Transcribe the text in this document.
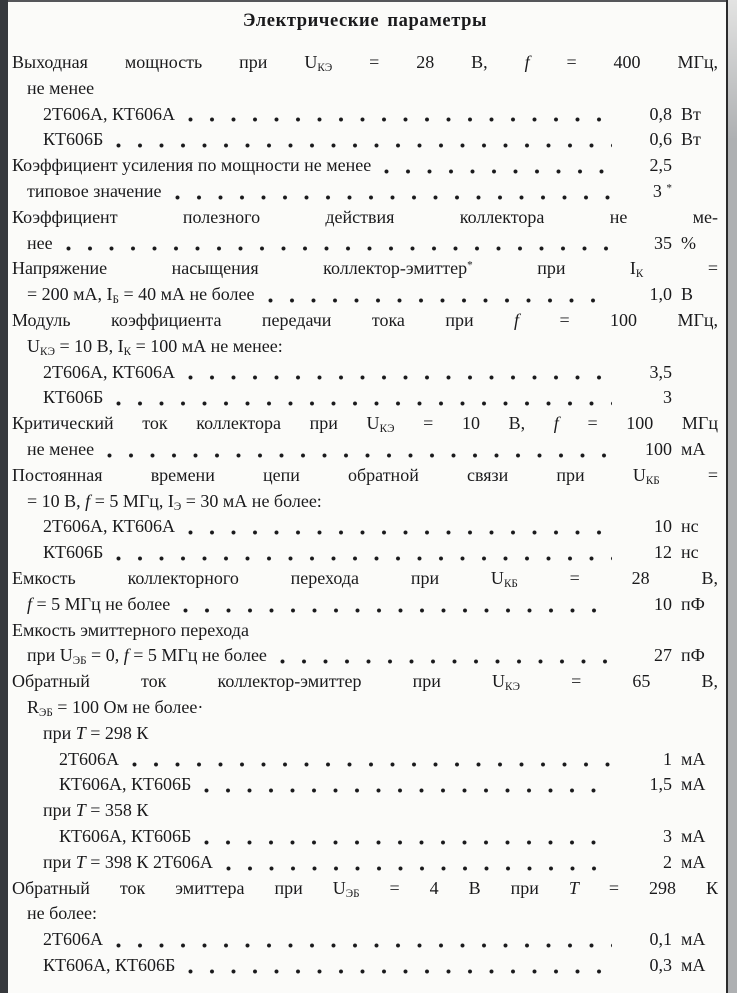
Электрические параметры
Выходная мощность при $U_{КЭ} = 28$ В, f = 400 МГц,
не менее
2Т606А, КТ606А	0,8 Вт
КТ606Б	0,6 Вт
Коэффициент усиления по мощности не менее	2,5
типовое значение	3 *
Коэффициент полезного действия коллектора не ме-
нее	35 %
Напряжение насыщения коллектор-эмиттер* при $I_К$ =
= 200 мА, $I_Б = 40$ мА не более	1,0 В
Модуль коэффициента передачи тока при f = 100 МГц,
$U_{КЭ} = 10$ В, $I_К = 100$ мА не менее:
2Т606А, КТ606А	3,5
КТ606Б	3
Критический ток коллектора при $U_{КЭ} = 10$ В, f = 100 МГц
не менее	100 мА
Постоянная времени цепи обратной связи при $U_{КБ}$ =
= 10 В, f = 5 МГц, $I_Э = 30$ мА не более:
2Т606А, КТ606А	10 нс
КТ606Б	12 нс
Емкость коллекторного перехода при $U_{КБ} = 28$ В,
f = 5 МГц не более	10 пФ
Емкость эмиттерного перехода
при $U_{ЭБ} = 0$, f = 5 МГц не более	27 пФ
Обратный ток коллектор-эмиттер при $U_{КЭ} = 65$ В,
$R_{ЭБ} = 100$ Ом не более·
при T = 298 К
2Т606А	1 мА
КТ606А, КТ606Б	1,5 мА
при T = 358 К
КТ606А, КТ606Б	3 мА
при T = 398 К 2Т606А	2 мА
Обратный ток эмиттера при $U_{ЭБ} = 4$ В при T = 298 К
не более:
2Т606А	0,1 мА
КТ606А, КТ606Б	0,3 мА
